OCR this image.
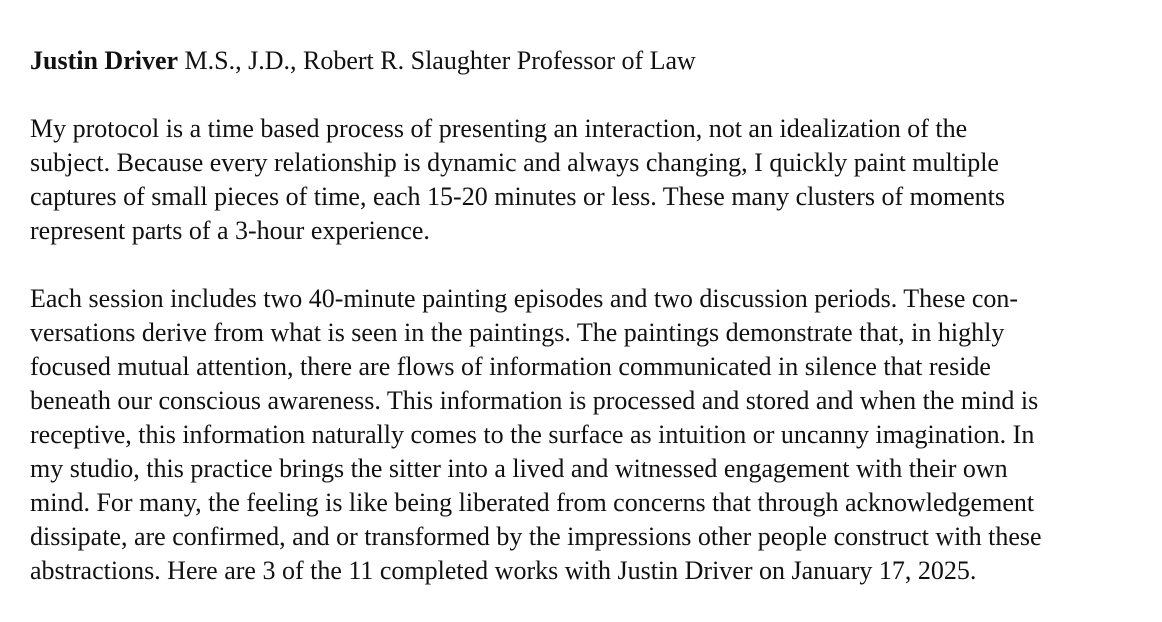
Justin Driver M.S., J.D., Robert R. Slaughter Professor of Law

My protocol is a time based process of presenting an interaction, not an idealization of the
subject. Because every relationship is dynamic and always changing, I quickly paint multiple
captures of small pieces of time, each 15-20 minutes or less. These many clusters of moments
represent parts of a 3-hour experience.

Each session includes two 40-minute painting episodes and two discussion periods. These con-
versations derive from what is seen in the paintings. The paintings demonstrate that, in highly
focused mutual attention, there are flows of information communicated in silence that reside
beneath our conscious awareness. This information is processed and stored and when the mind is
receptive, this information naturally comes to the surface as intuition or uncanny imagination. In
my studio, this practice brings the sitter into a lived and witnessed engagement with their own
mind. For many, the feeling is like being liberated from concerns that through acknowledgement
dissipate, are confirmed, and or transformed by the impressions other people construct with these
abstractions. Here are 3 of the 11 completed works with Justin Driver on January 17, 2025.
